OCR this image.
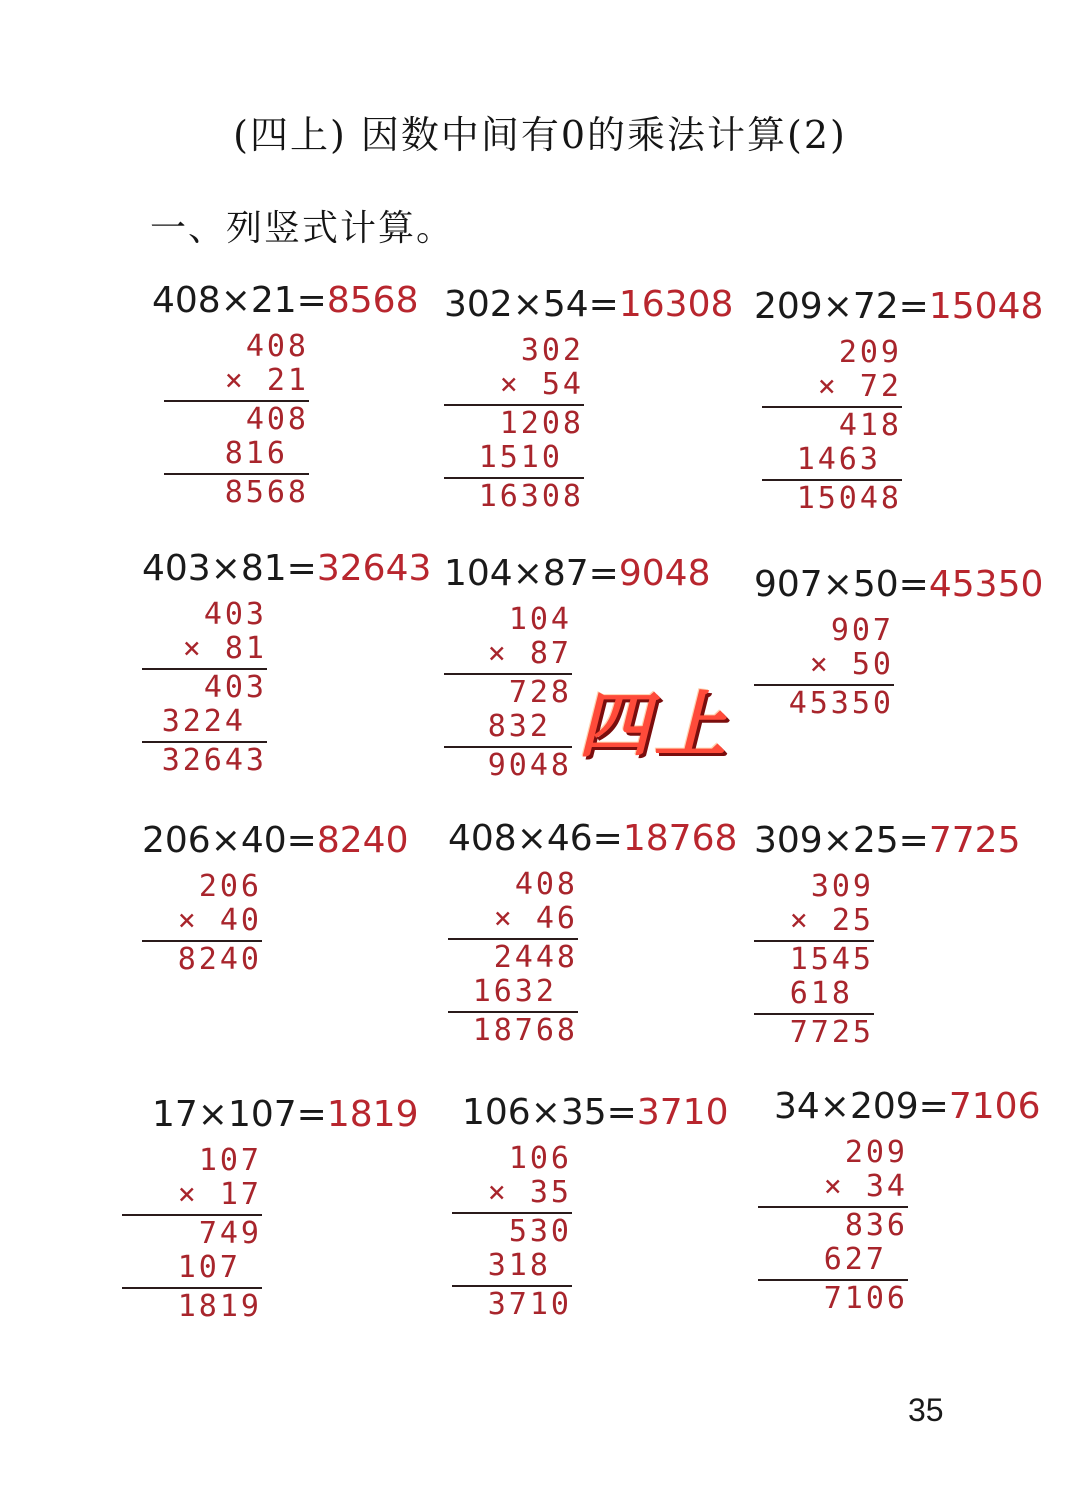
(四上) 因数中间有0的乘法计算(2)
一、列竖式计算。
408×21=8568
408
× 21
408
816
8568
302×54=16308
302
× 54
1208
1510
16308
209×72=15048
209
× 72
418
1463
15048
403×81=32643
403
× 81
403
3224
32643
104×87=9048
104
× 87
728
832
9048
907×50=45350
907
× 50
45350
206×40=8240
206
× 40
8240
408×46=18768
408
× 46
2448
1632
18768
309×25=7725
309
× 25
1545
618
7725
17×107=1819
107
× 17
749
107
1819
106×35=3710
106
× 35
530
318
3710
34×209=7106
209
× 34
836
627
7106
四上
35
